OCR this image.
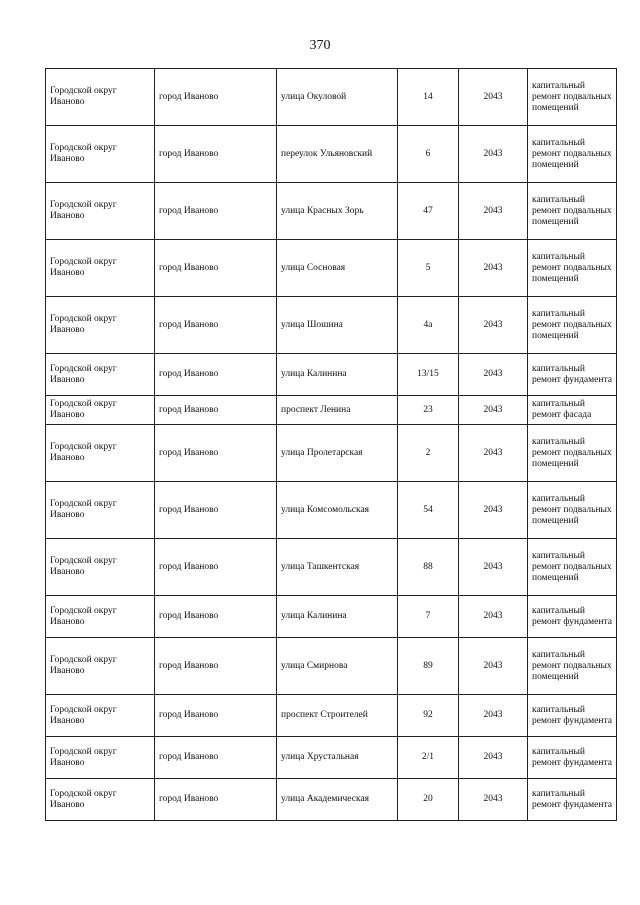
370
Городской округ Иваново	город Иваново	улица Окуловой	14	2043	капитальный ремонт подвальных помещений
Городской округ Иваново	город Иваново	переулок Ульяновский	6	2043	капитальный ремонт подвальных помещений
Городской округ Иваново	город Иваново	улица Красных Зорь	47	2043	капитальный ремонт подвальных помещений
Городской округ Иваново	город Иваново	улица Сосновая	5	2043	капитальный ремонт подвальных помещений
Городской округ Иваново	город Иваново	улица Шошина	4а	2043	капитальный ремонт подвальных помещений
Городской округ Иваново	город Иваново	улица Калинина	13/15	2043	капитальный ремонт фундамента
Городской округ Иваново	город Иваново	проспект Ленина	23	2043	капитальный ремонт фасада
Городской округ Иваново	город Иваново	улица Пролетарская	2	2043	капитальный ремонт подвальных помещений
Городской округ Иваново	город Иваново	улица Комсомольская	54	2043	капитальный ремонт подвальных помещений
Городской округ Иваново	город Иваново	улица Ташкентская	88	2043	капитальный ремонт подвальных помещений
Городской округ Иваново	город Иваново	улица Калинина	7	2043	капитальный ремонт фундамента
Городской округ Иваново	город Иваново	улица Смирнова	89	2043	капитальный ремонт подвальных помещений
Городской округ Иваново	город Иваново	проспект Строителей	92	2043	капитальный ремонт фундамента
Городской округ Иваново	город Иваново	улица Хрустальная	2/1	2043	капитальный ремонт фундамента
Городской округ Иваново	город Иваново	улица Академическая	20	2043	капитальный ремонт фундамента
